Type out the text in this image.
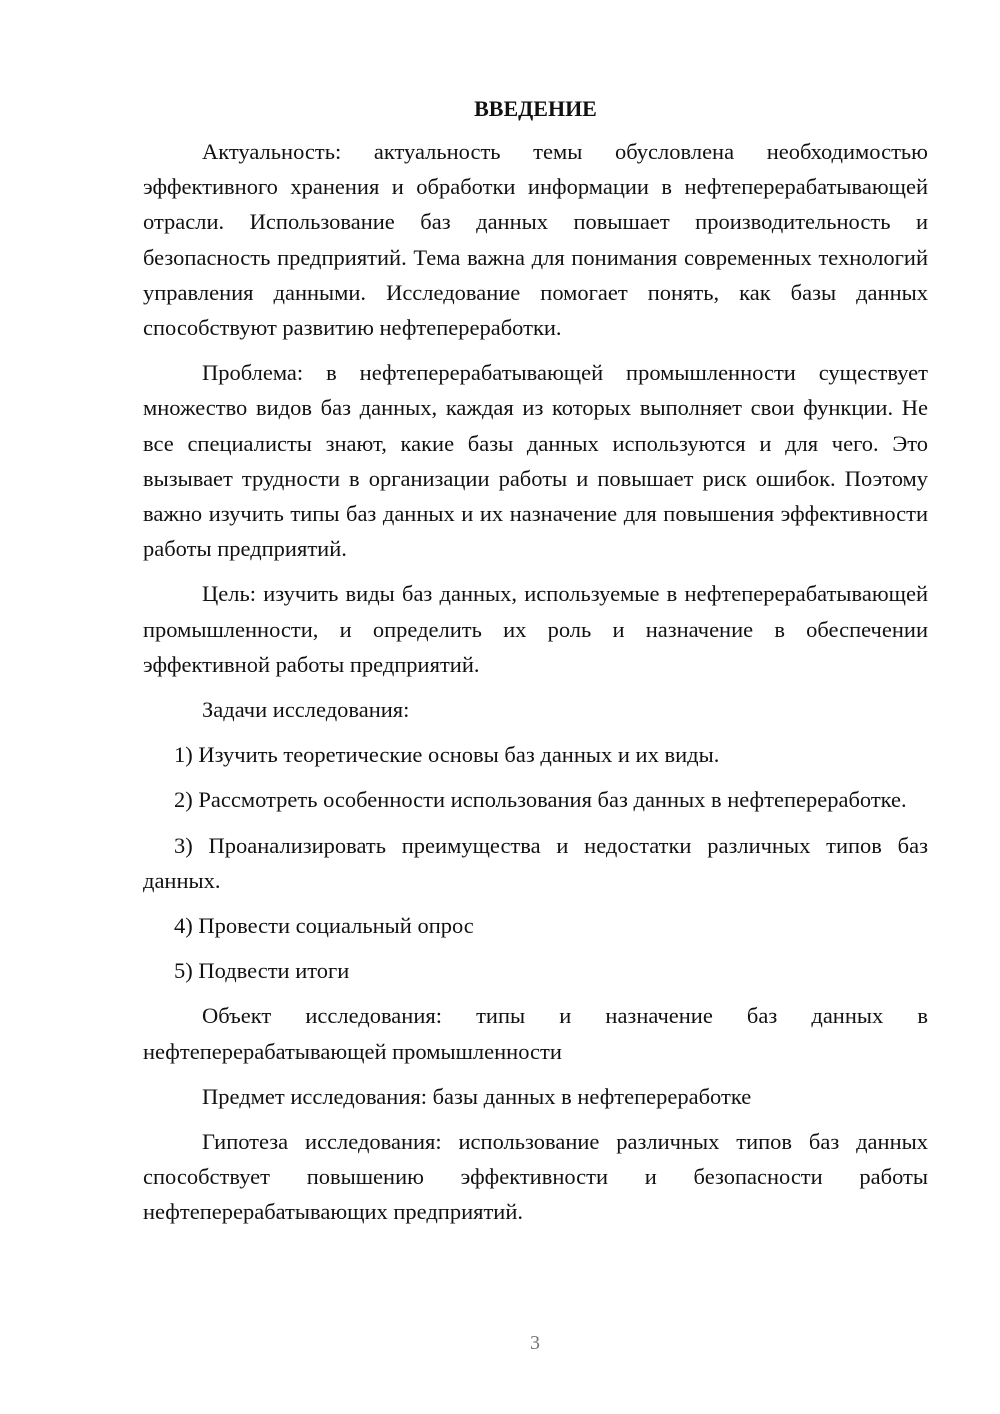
ВВЕДЕНИЕ

Актуальность: актуальность темы обусловлена необходимостью эффективного хранения и обработки информации в нефтеперерабатывающей отрасли. Использование баз данных повышает производительность и безопасность предприятий. Тема важна для понимания современных технологий управления данными. Исследование помогает понять, как базы данных способствуют развитию нефтепереработки.

Проблема: в нефтеперерабатывающей промышленности существует множество видов баз данных, каждая из которых выполняет свои функции. Не все специалисты знают, какие базы данных используются и для чего. Это вызывает трудности в организации работы и повышает риск ошибок. Поэтому важно изучить типы баз данных и их назначение для повышения эффективности работы предприятий.

Цель: изучить виды баз данных, используемые в нефтеперерабатывающей промышленности, и определить их роль и назначение в обеспечении эффективной работы предприятий.

Задачи исследования:

1) Изучить теоретические основы баз данных и их виды.

2) Рассмотреть особенности использования баз данных в нефтепереработке.

3) Проанализировать преимущества и недостатки различных типов баз данных.

4) Провести социальный опрос

5) Подвести итоги

Объект исследования: типы и назначение баз данных в нефтеперерабатывающей промышленности

Предмет исследования: базы данных в нефтепереработке

Гипотеза исследования: использование различных типов баз данных способствует повышению эффективности и безопасности работы нефтеперерабатывающих предприятий.

3
